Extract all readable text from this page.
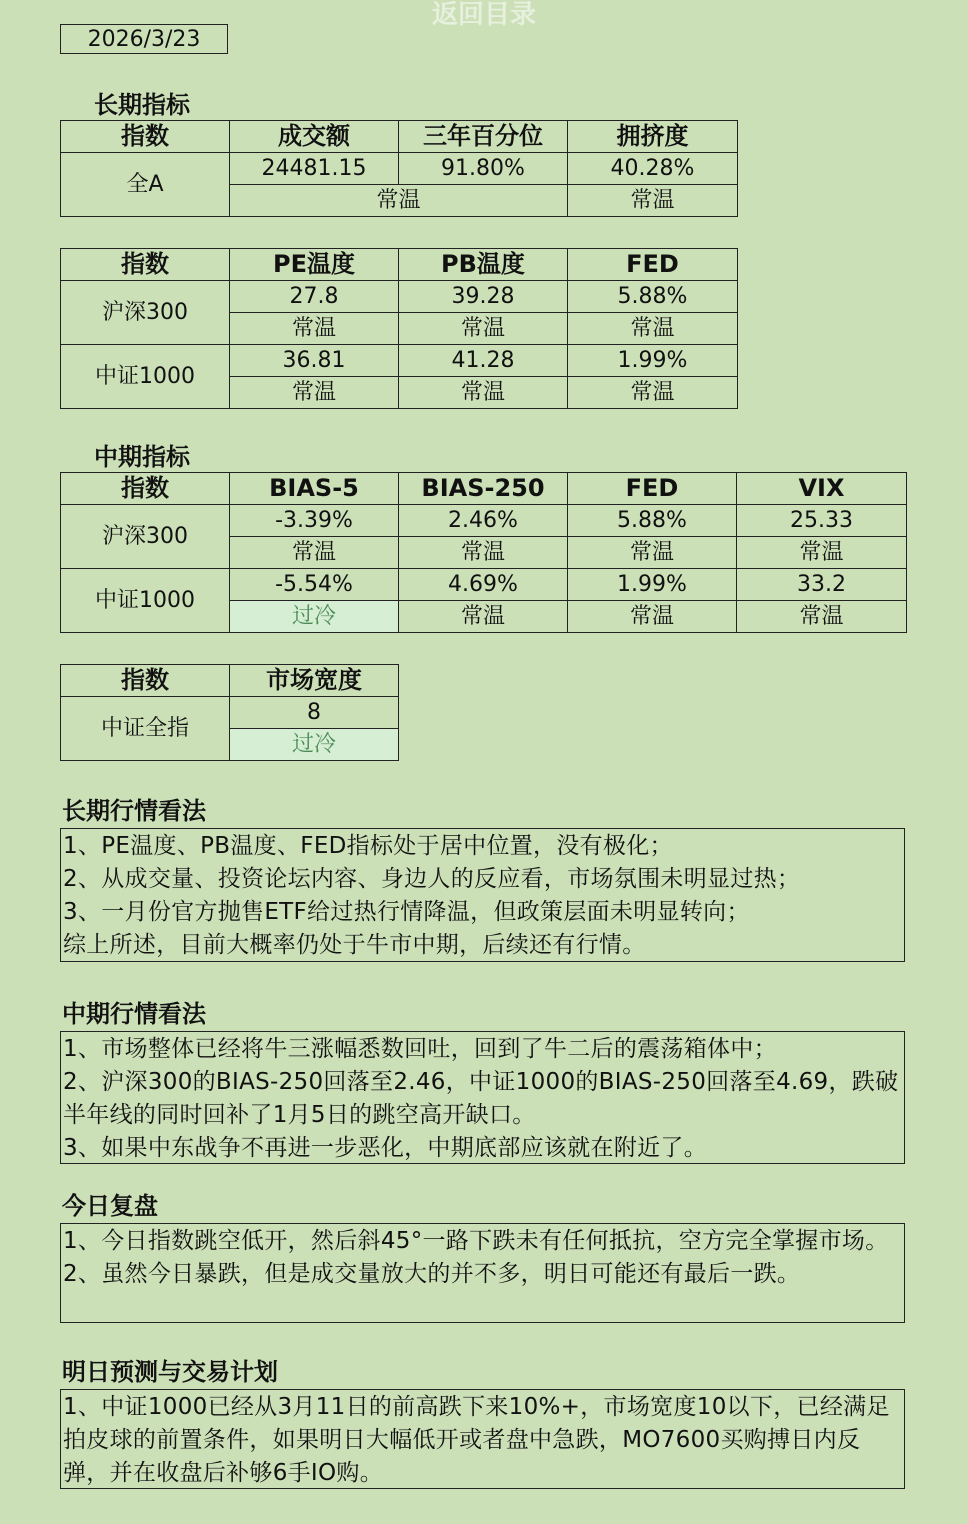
返回目录
2026/3/23
长期指标
指数	成交额	三年百分位	拥挤度
全A	24481.15	91.80%	40.28%
	常温		常温
指数	PE温度	PB温度	FED
沪深300	27.8	39.28	5.88%
	常温	常温	常温
中证1000	36.81	41.28	1.99%
	常温	常温	常温
中期指标
指数	BIAS-5	BIAS-250	FED	VIX
沪深300	-3.39%	2.46%	5.88%	25.33
	常温	常温	常温	常温
中证1000	-5.54%	4.69%	1.99%	33.2
	过冷	常温	常温	常温
指数	市场宽度
中证全指	8
	过冷
长期行情看法
1、PE温度、PB温度、FED指标处于居中位置，没有极化；
2、从成交量、投资论坛内容、身边人的反应看，市场氛围未明显过热；
3、一月份官方抛售ETF给过热行情降温，但政策层面未明显转向；
综上所述，目前大概率仍处于牛市中期，后续还有行情。
中期行情看法
1、市场整体已经将牛三涨幅悉数回吐，回到了牛二后的震荡箱体中；
2、沪深300的BIAS-250回落至2.46，中证1000的BIAS-250回落至4.69，跌破半年线的同时回补了1月5日的跳空高开缺口。
3、如果中东战争不再进一步恶化，中期底部应该就在附近了。
今日复盘
1、今日指数跳空低开，然后斜45°一路下跌未有任何抵抗，空方完全掌握市场。
2、虽然今日暴跌，但是成交量放大的并不多，明日可能还有最后一跌。
明日预测与交易计划
1、中证1000已经从3月11日的前高跌下来10%+，市场宽度10以下，已经满足拍皮球的前置条件，如果明日大幅低开或者盘中急跌，MO7600买购搏日内反弹，并在收盘后补够6手IO购。
